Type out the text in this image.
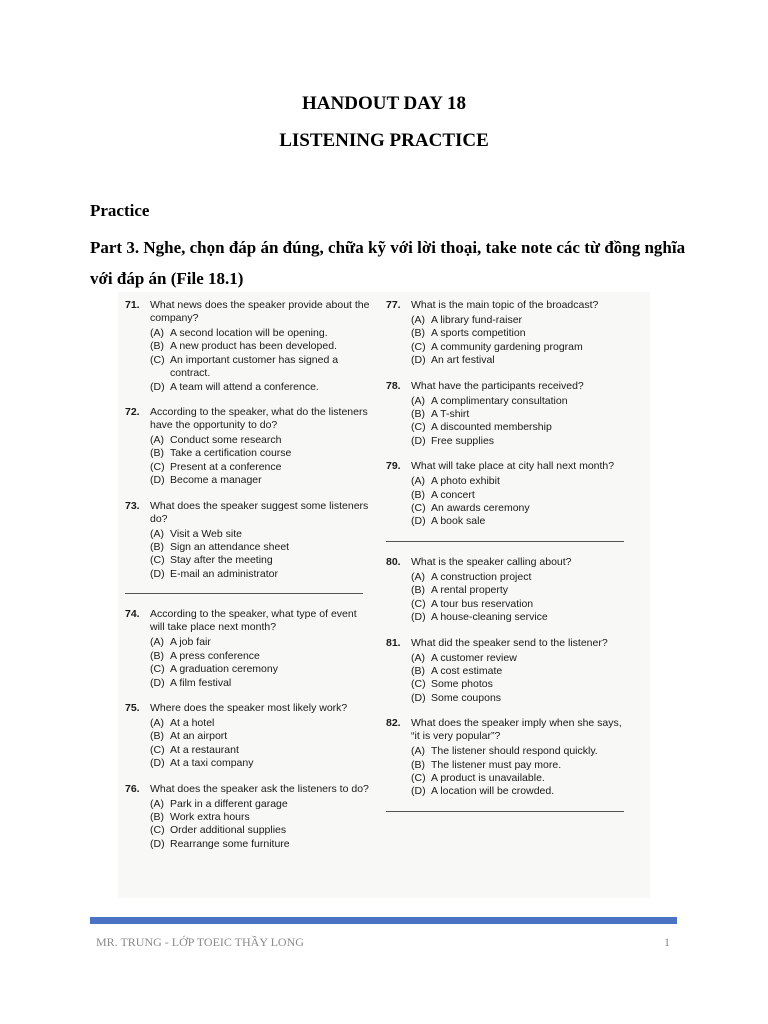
HANDOUT DAY 18
LISTENING PRACTICE
Practice
Part 3. Nghe, chọn đáp án đúng, chữa kỹ với lời thoại, take note các từ đồng nghĩa với đáp án (File 18.1)
71. What news does the speaker provide about the company?
(A) A second location will be opening.
(B) A new product has been developed.
(C) An important customer has signed a contract.
(D) A team will attend a conference.
72. According to the speaker, what do the listeners have the opportunity to do?
(A) Conduct some research
(B) Take a certification course
(C) Present at a conference
(D) Become a manager
73. What does the speaker suggest some listeners do?
(A) Visit a Web site
(B) Sign an attendance sheet
(C) Stay after the meeting
(D) E-mail an administrator
74. According to the speaker, what type of event will take place next month?
(A) A job fair
(B) A press conference
(C) A graduation ceremony
(D) A film festival
75. Where does the speaker most likely work?
(A) At a hotel
(B) At an airport
(C) At a restaurant
(D) At a taxi company
76. What does the speaker ask the listeners to do?
(A) Park in a different garage
(B) Work extra hours
(C) Order additional supplies
(D) Rearrange some furniture
77. What is the main topic of the broadcast?
(A) A library fund-raiser
(B) A sports competition
(C) A community gardening program
(D) An art festival
78. What have the participants received?
(A) A complimentary consultation
(B) A T-shirt
(C) A discounted membership
(D) Free supplies
79. What will take place at city hall next month?
(A) A photo exhibit
(B) A concert
(C) An awards ceremony
(D) A book sale
80. What is the speaker calling about?
(A) A construction project
(B) A rental property
(C) A tour bus reservation
(D) A house-cleaning service
81. What did the speaker send to the listener?
(A) A customer review
(B) A cost estimate
(C) Some photos
(D) Some coupons
82. What does the speaker imply when she says, “it is very popular”?
(A) The listener should respond quickly.
(B) The listener must pay more.
(C) A product is unavailable.
(D) A location will be crowded.
MR. TRUNG - LỚP TOEIC THẦY LONG	1
